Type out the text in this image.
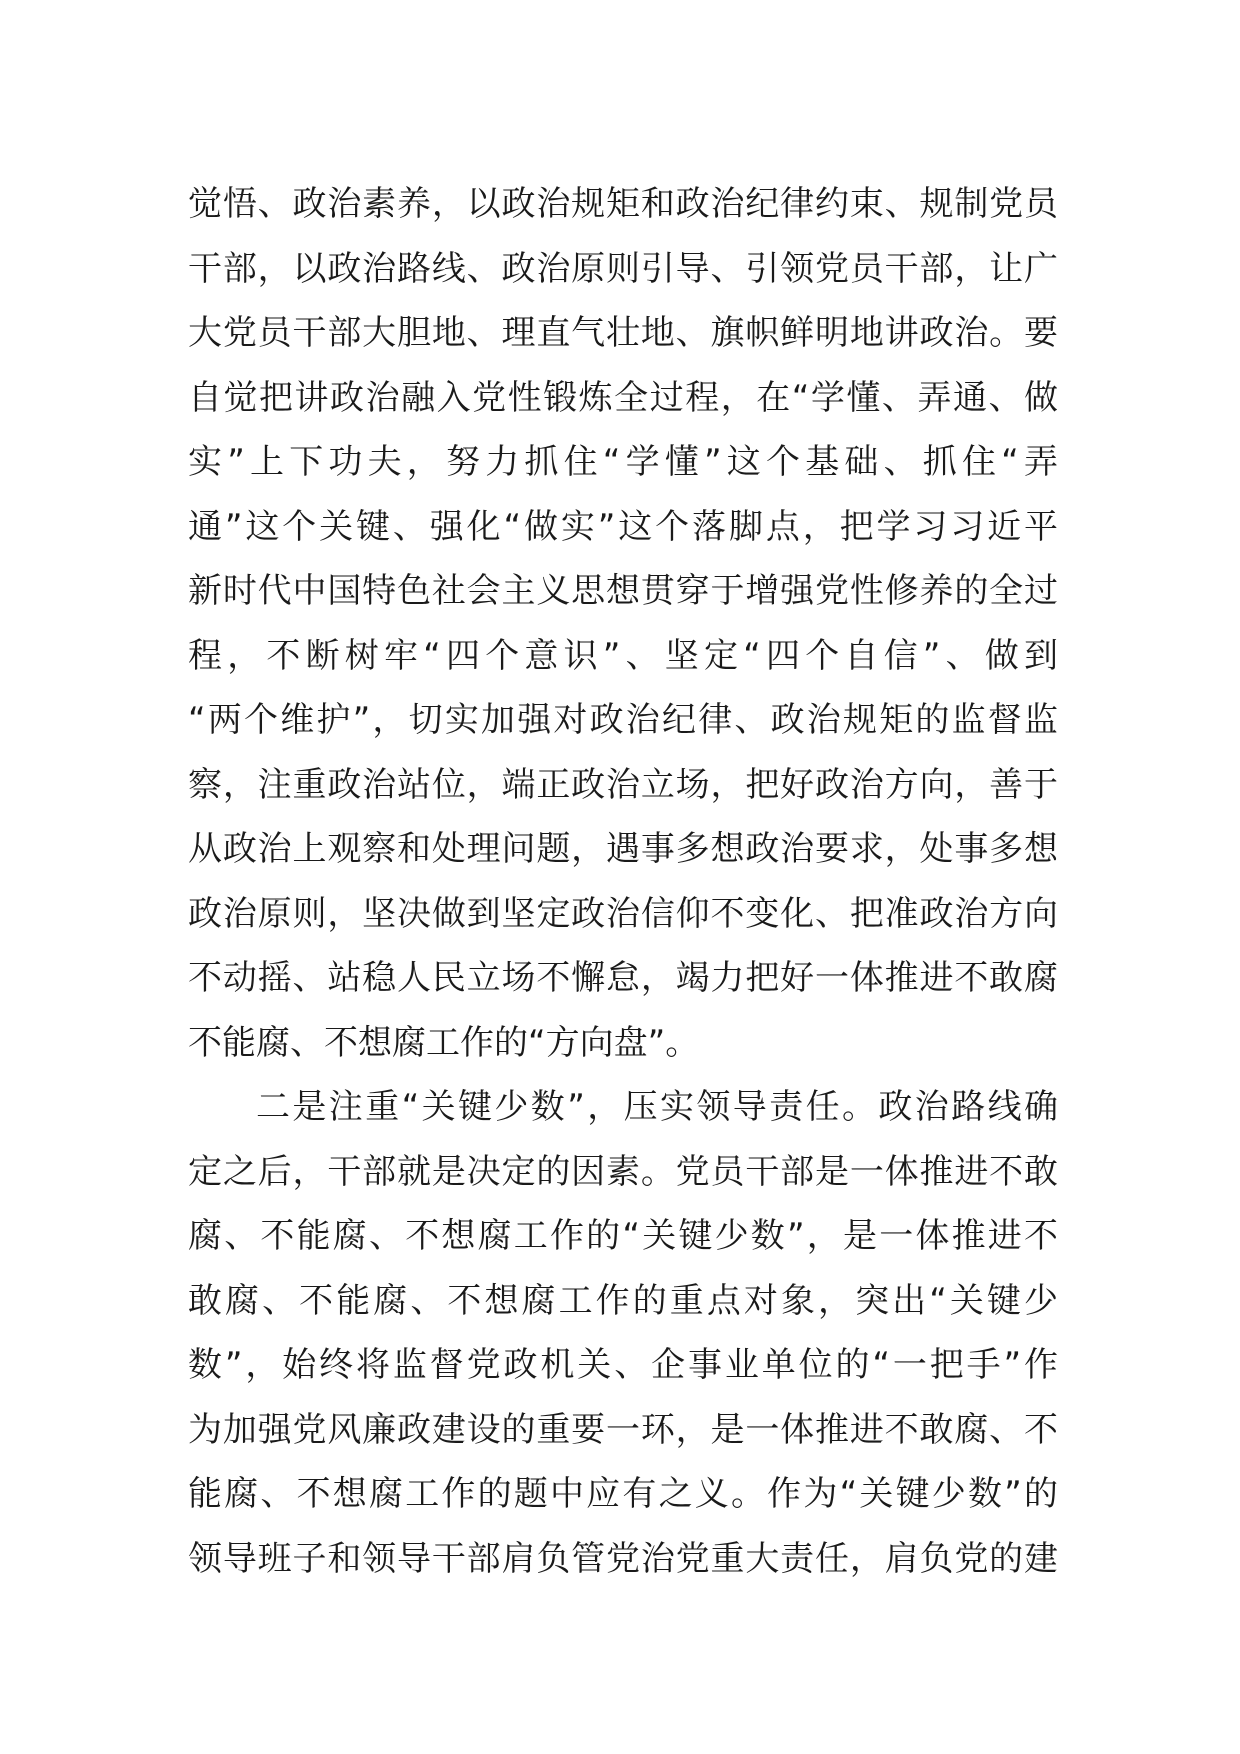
觉悟、政治素养，以政治规矩和政治纪律约束、规制党员
干部，以政治路线、政治原则引导、引领党员干部，让广
大党员干部大胆地、理直气壮地、旗帜鲜明地讲政治。要
自觉把讲政治融入党性锻炼全过程，在“学懂、弄通、做
实”上下功夫，努力抓住“学懂”这个基础、抓住“弄
通”这个关键、强化“做实”这个落脚点，把学习习近平
新时代中国特色社会主义思想贯穿于增强党性修养的全过
程，不断树牢“四个意识”、坚定“四个自信”、做到
“两个维护”，切实加强对政治纪律、政治规矩的监督监
察，注重政治站位，端正政治立场，把好政治方向，善于
从政治上观察和处理问题，遇事多想政治要求，处事多想
政治原则，坚决做到坚定政治信仰不变化、把准政治方向
不动摇、站稳人民立场不懈怠，竭力把好一体推进不敢腐
不能腐、不想腐工作的“方向盘”。
二是注重“关键少数”，压实领导责任。政治路线确
定之后，干部就是决定的因素。党员干部是一体推进不敢
腐、不能腐、不想腐工作的“关键少数”，是一体推进不
敢腐、不能腐、不想腐工作的重点对象，突出“关键少
数”，始终将监督党政机关、企事业单位的“一把手”作
为加强党风廉政建设的重要一环，是一体推进不敢腐、不
能腐、不想腐工作的题中应有之义。作为“关键少数”的
领导班子和领导干部肩负管党治党重大责任，肩负党的建
